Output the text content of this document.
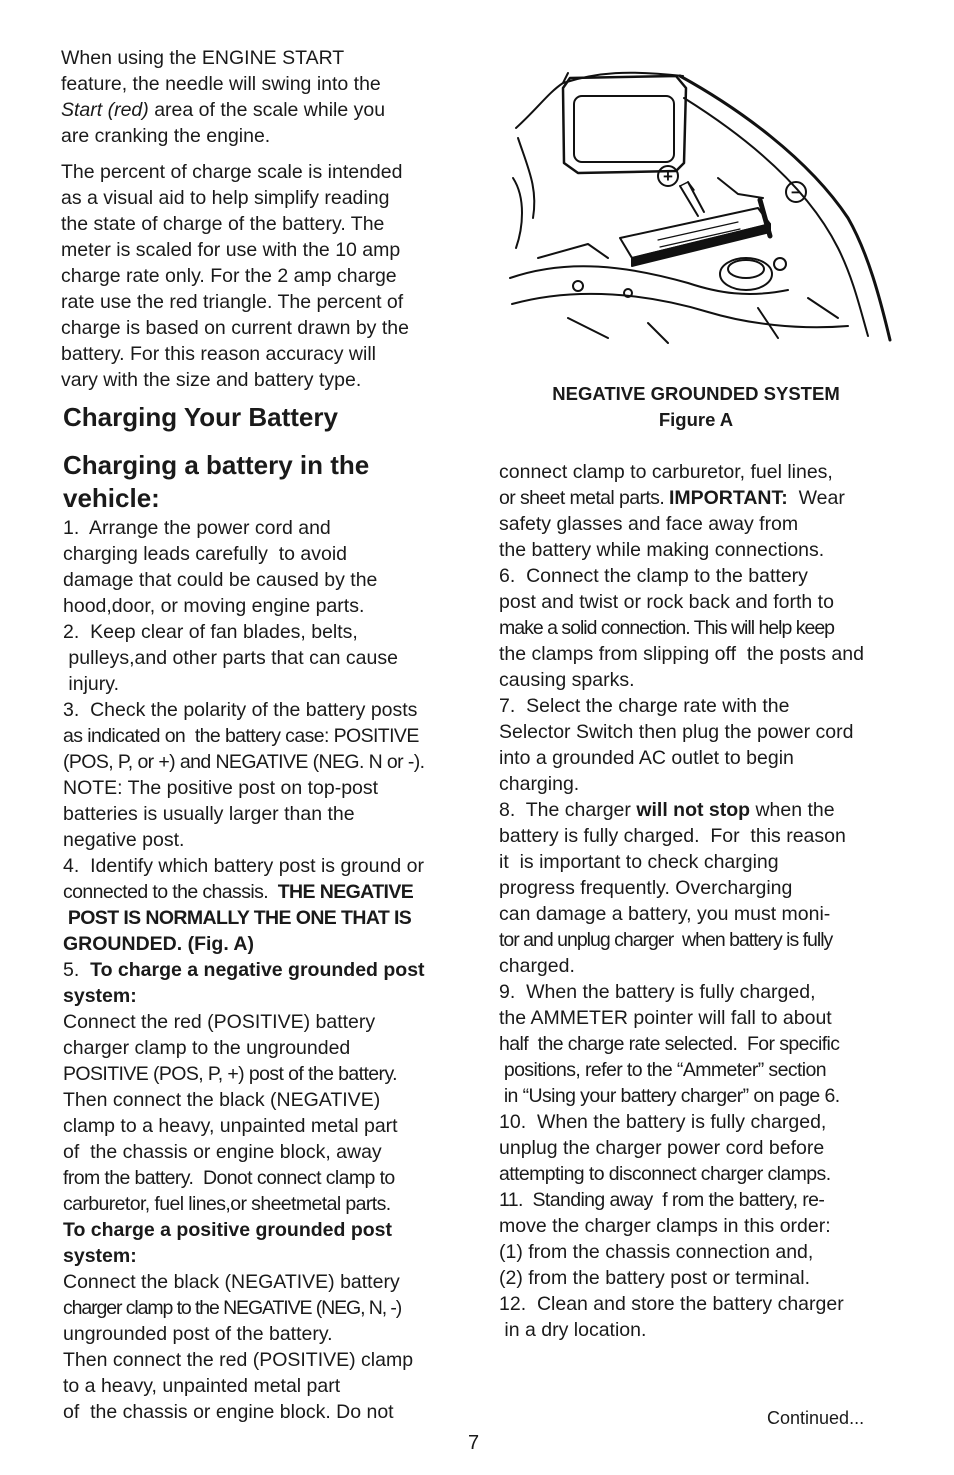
When using the ENGINE START
feature, the needle will swing into the
Start (red) area of the scale while you
are cranking the engine.
The percent of charge scale is intended
as a visual aid to help simplify reading
the state of charge of the battery. The
meter is scaled for use with the 10 amp
charge rate only. For the 2 amp charge
rate use the red triangle. The percent of
charge is based on current drawn by the
battery. For this reason accuracy will
vary with the size and battery type.
Charging Your Battery
Charging a battery in the
vehicle:
1.  Arrange the power cord and
charging leads carefully  to avoid
damage that could be caused by the
hood,door, or moving engine parts.
2.  Keep clear of fan blades, belts,
pulleys,and other parts that can cause
injury.
3.  Check the polarity of the battery posts
as indicated on  the battery case: POSITIVE
(POS, P, or +) and NEGATIVE (NEG. N or -).
NOTE: The positive post on top-post
batteries is usually larger than the
negative post.
4.  Identify which battery post is ground or
connected to the chassis.  THE NEGATIVE
POST IS NORMALLY THE ONE THAT IS
GROUNDED. (Fig. A)
5.  To charge a negative grounded post
system:
Connect the red (POSITIVE) battery
charger clamp to the ungrounded
POSITIVE (POS, P, +) post of the battery.
Then connect the black (NEGATIVE)
clamp to a heavy, unpainted metal part
of  the chassis or engine block, away
from the battery.  Donot connect clamp to
carburetor, fuel lines,or sheetmetal parts.
To charge a positive grounded post
system:
Connect the black (NEGATIVE) battery
charger clamp to the NEGATIVE (NEG, N, -)
ungrounded post of the battery.
Then connect the red (POSITIVE) clamp
to a heavy, unpainted metal part
of  the chassis or engine block. Do not
+
−
NEGATIVE GROUNDED SYSTEM
Figure A
connect clamp to carburetor, fuel lines,
or sheet metal parts. IMPORTANT:  Wear
safety glasses and face away from
the battery while making connections.
6.  Connect the clamp to the battery
post and twist or rock back and forth to
make a solid connection. This will help keep
the clamps from slipping off  the posts and
causing sparks.
7.  Select the charge rate with the
Selector Switch then plug the power cord
into a grounded AC outlet to begin
charging.
8.  The charger will not stop when the
battery is fully charged.  For  this reason
it  is important to check charging
progress frequently. Overcharging
can damage a battery, you must moni-
tor and unplug charger  when battery is fully
charged.
9.  When the battery is fully charged,
the AMMETER pointer will fall to about
half  the charge rate selected.  For specific
positions, refer to the “Ammeter” section
in “Using your battery charger” on page 6.
10.  When the battery is fully charged,
unplug the charger power cord before
attempting to disconnect charger clamps.
11.  Standing away  f rom the battery, re-
move the charger clamps in this order:
(1) from the chassis connection and,
(2) from the battery post or terminal.
12.  Clean and store the battery charger
in a dry location.
Continued...
7
